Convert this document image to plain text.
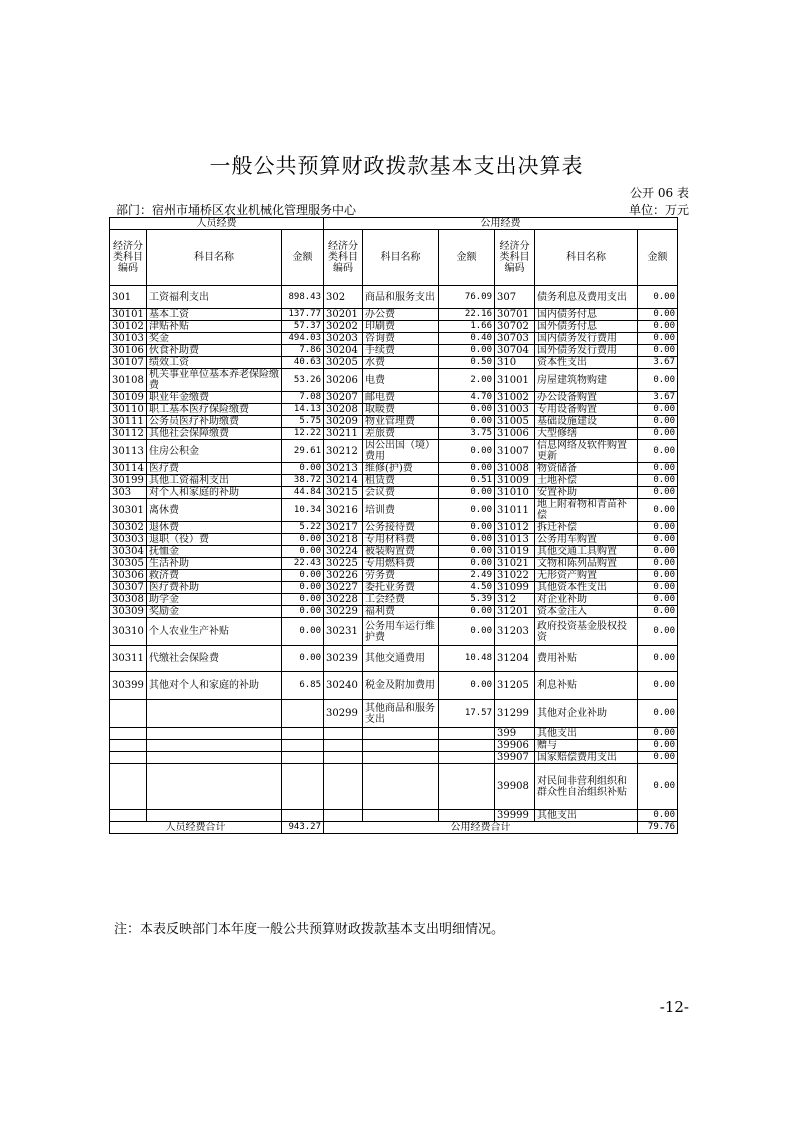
一般公共预算财政拨款基本支出决算表
公开 06 表
部门：宿州市埇桥区农业机械化管理服务中心	单位：万元
人员经费			公用经费					
经济分类科目编码	科目名称	金额	经济分类科目编码	科目名称	金额	经济分类科目编码	科目名称	金额
301	工资福利支出	898.43	302	商品和服务支出	76.09	307	债务利息及费用支出	0.00
30101	基本工资	137.77	30201	办公费	22.16	30701	国内债务付息	0.00
30102	津贴补贴	57.37	30202	印刷费	1.66	30702	国外债务付息	0.00
30103	奖金	494.03	30203	咨询费	0.40	30703	国内债务发行费用	0.00
30106	伙食补助费	7.86	30204	手续费	0.00	30704	国外债务发行费用	0.00
30107	绩效工资	40.63	30205	水费	0.50	310	资本性支出	3.67
30108	机关事业单位基本养老保险缴费	53.26	30206	电费	2.00	31001	房屋建筑物购建	0.00
30109	职业年金缴费	7.08	30207	邮电费	4.70	31002	办公设备购置	3.67
30110	职工基本医疗保险缴费	14.13	30208	取暖费	0.00	31003	专用设备购置	0.00
30111	公务员医疗补助缴费	5.75	30209	物业管理费	0.00	31005	基础设施建设	0.00
30112	其他社会保障缴费	12.22	30211	差旅费	3.75	31006	大型修缮	0.00
30113	住房公积金	29.61	30212	因公出国（境）费用	0.00	31007	信息网络及软件购置更新	0.00
30114	医疗费	0.00	30213	维修(护)费	0.00	31008	物资储备	0.00
30199	其他工资福利支出	38.72	30214	租赁费	0.51	31009	土地补偿	0.00
303	对个人和家庭的补助	44.84	30215	会议费	0.00	31010	安置补助	0.00
30301	离休费	10.34	30216	培训费	0.00	31011	地上附着物和青苗补偿	0.00
30302	退休费	5.22	30217	公务接待费	0.00	31012	拆迁补偿	0.00
30303	退职（役）费	0.00	30218	专用材料费	0.00	31013	公务用车购置	0.00
30304	抚恤金	0.00	30224	被装购置费	0.00	31019	其他交通工具购置	0.00
30305	生活补助	22.43	30225	专用燃料费	0.00	31021	文物和陈列品购置	0.00
30306	救济费	0.00	30226	劳务费	2.49	31022	无形资产购置	0.00
30307	医疗费补助	0.00	30227	委托业务费	4.50	31099	其他资本性支出	0.00
30308	助学金	0.00	30228	工会经费	5.39	312	对企业补助	0.00
30309	奖励金	0.00	30229	福利费	0.00	31201	资本金注入	0.00
30310	个人农业生产补贴	0.00	30231	公务用车运行维护费	0.00	31203	政府投资基金股权投资	0.00
30311	代缴社会保险费	0.00	30239	其他交通费用	10.48	31204	费用补贴	0.00
30399	其他对个人和家庭的补助	6.85	30240	税金及附加费用	0.00	31205	利息补贴	0.00
			30299	其他商品和服务支出	17.57	31299	其他对企业补助	0.00
						399	其他支出	0.00
						39906	赠与	0.00
						39907	国家赔偿费用支出	0.00
						39908	对民间非营利组织和群众性自治组织补贴	0.00
						39999	其他支出	0.00
人员经费合计		943.27	公用经费合计					79.76
注：本表反映部门本年度一般公共预算财政拨款基本支出明细情况。
-12-
